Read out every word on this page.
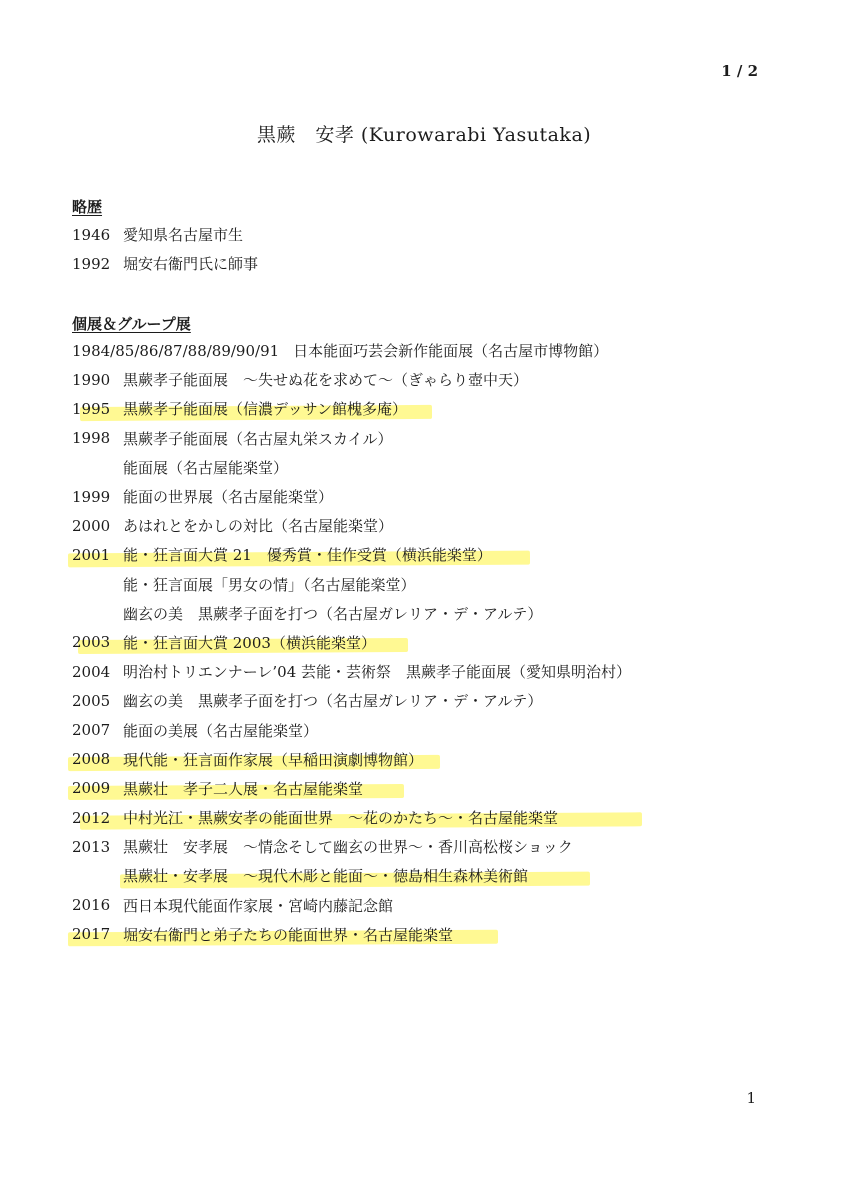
1 / 2
黒蕨　安孝 (Kurowarabi Yasutaka)
略歴
1946 愛知県名古屋市生
1992 堀安右衞門氏に師事
個展＆グループ展
1984/85/86/87/88/89/90/91 日本能面巧芸会新作能面展（名古屋市博物館）
1990 黒蕨孝子能面展　～失せぬ花を求めて～（ぎゃらり壺中天）
1995 黒蕨孝子能面展（信濃デッサン館槐多庵）
1998 黒蕨孝子能面展（名古屋丸栄スカイル）
能面展（名古屋能楽堂）
1999 能面の世界展（名古屋能楽堂）
2000 あはれとをかしの対比（名古屋能楽堂）
2001 能・狂言面大賞 21　優秀賞・佳作受賞（横浜能楽堂）
能・狂言面展「男女の情」（名古屋能楽堂）
幽玄の美　黒蕨孝子面を打つ（名古屋ガレリア・デ・アルテ）
2003 能・狂言面大賞 2003（横浜能楽堂）
2004 明治村トリエンナーレ’04 芸能・芸術祭　黒蕨孝子能面展（愛知県明治村）
2005 幽玄の美　黒蕨孝子面を打つ（名古屋ガレリア・デ・アルテ）
2007 能面の美展（名古屋能楽堂）
2008 現代能・狂言面作家展（早稲田演劇博物館）
2009 黒蕨壮　孝子二人展・名古屋能楽堂
2012 中村光江・黒蕨安孝の能面世界　～花のかたち～・名古屋能楽堂
2013 黒蕨壮　安孝展　～情念そして幽玄の世界～・香川高松桜ショック
黒蕨壮・安孝展　～現代木彫と能面～・徳島相生森林美術館
2016 西日本現代能面作家展・宮崎内藤記念館
2017 堀安右衞門と弟子たちの能面世界・名古屋能楽堂
1
